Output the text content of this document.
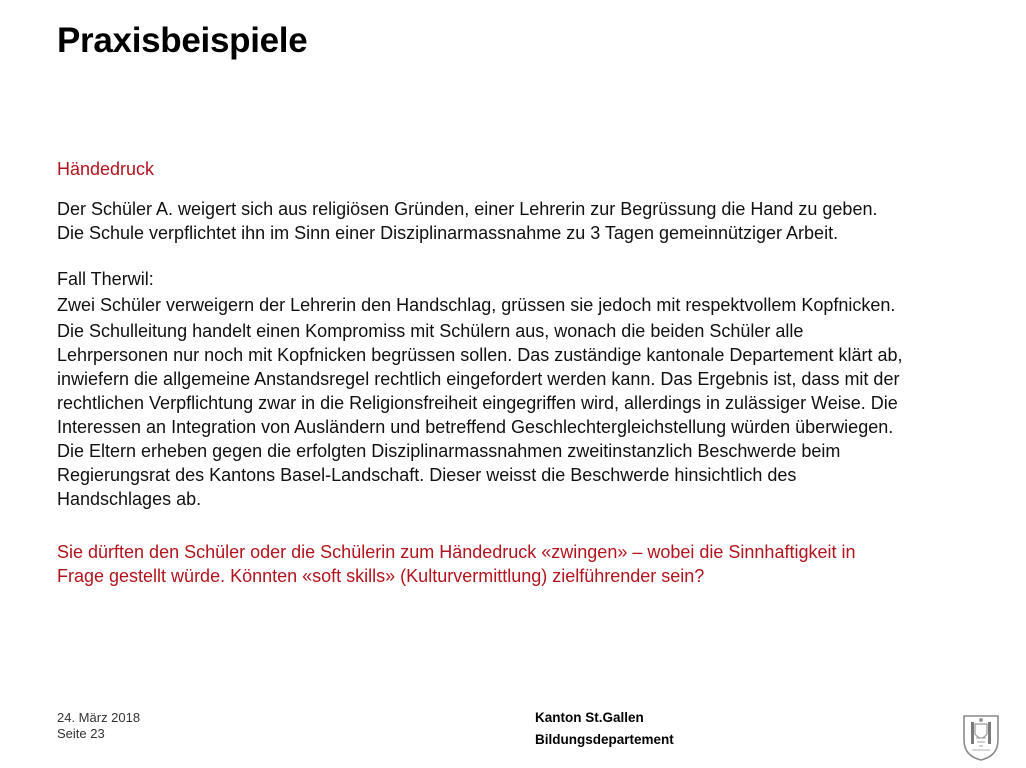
Praxisbeispiele

Händedruck

Der Schüler A. weigert sich aus religiösen Gründen, einer Lehrerin zur Begrüssung die Hand zu geben.
Die Schule verpflichtet ihn im Sinn einer Disziplinarmassnahme zu 3 Tagen gemeinnütziger Arbeit.

Fall Therwil:

Zwei Schüler verweigern der Lehrerin den Handschlag, grüssen sie jedoch mit respektvollem Kopfnicken.

Die Schulleitung handelt einen Kompromiss mit Schülern aus, wonach die beiden Schüler alle
Lehrpersonen nur noch mit Kopfnicken begrüssen sollen. Das zuständige kantonale Departement klärt ab,
inwiefern die allgemeine Anstandsregel rechtlich eingefordert werden kann. Das Ergebnis ist, dass mit der
rechtlichen Verpflichtung zwar in die Religionsfreiheit eingegriffen wird, allerdings in zulässiger Weise. Die
Interessen an Integration von Ausländern und betreffend Geschlechtergleichstellung würden überwiegen.
Die Eltern erheben gegen die erfolgten Disziplinarmassnahmen zweitinstanzlich Beschwerde beim
Regierungsrat des Kantons Basel-Landschaft. Dieser weisst die Beschwerde hinsichtlich des
Handschlages ab.

Sie dürften den Schüler oder die Schülerin zum Händedruck «zwingen» – wobei die Sinnhaftigkeit in
Frage gestellt würde. Könnten «soft skills» (Kulturvermittlung) zielführender sein?

24. März 2018
Seite 23
Kanton St.Gallen
Bildungsdepartement
